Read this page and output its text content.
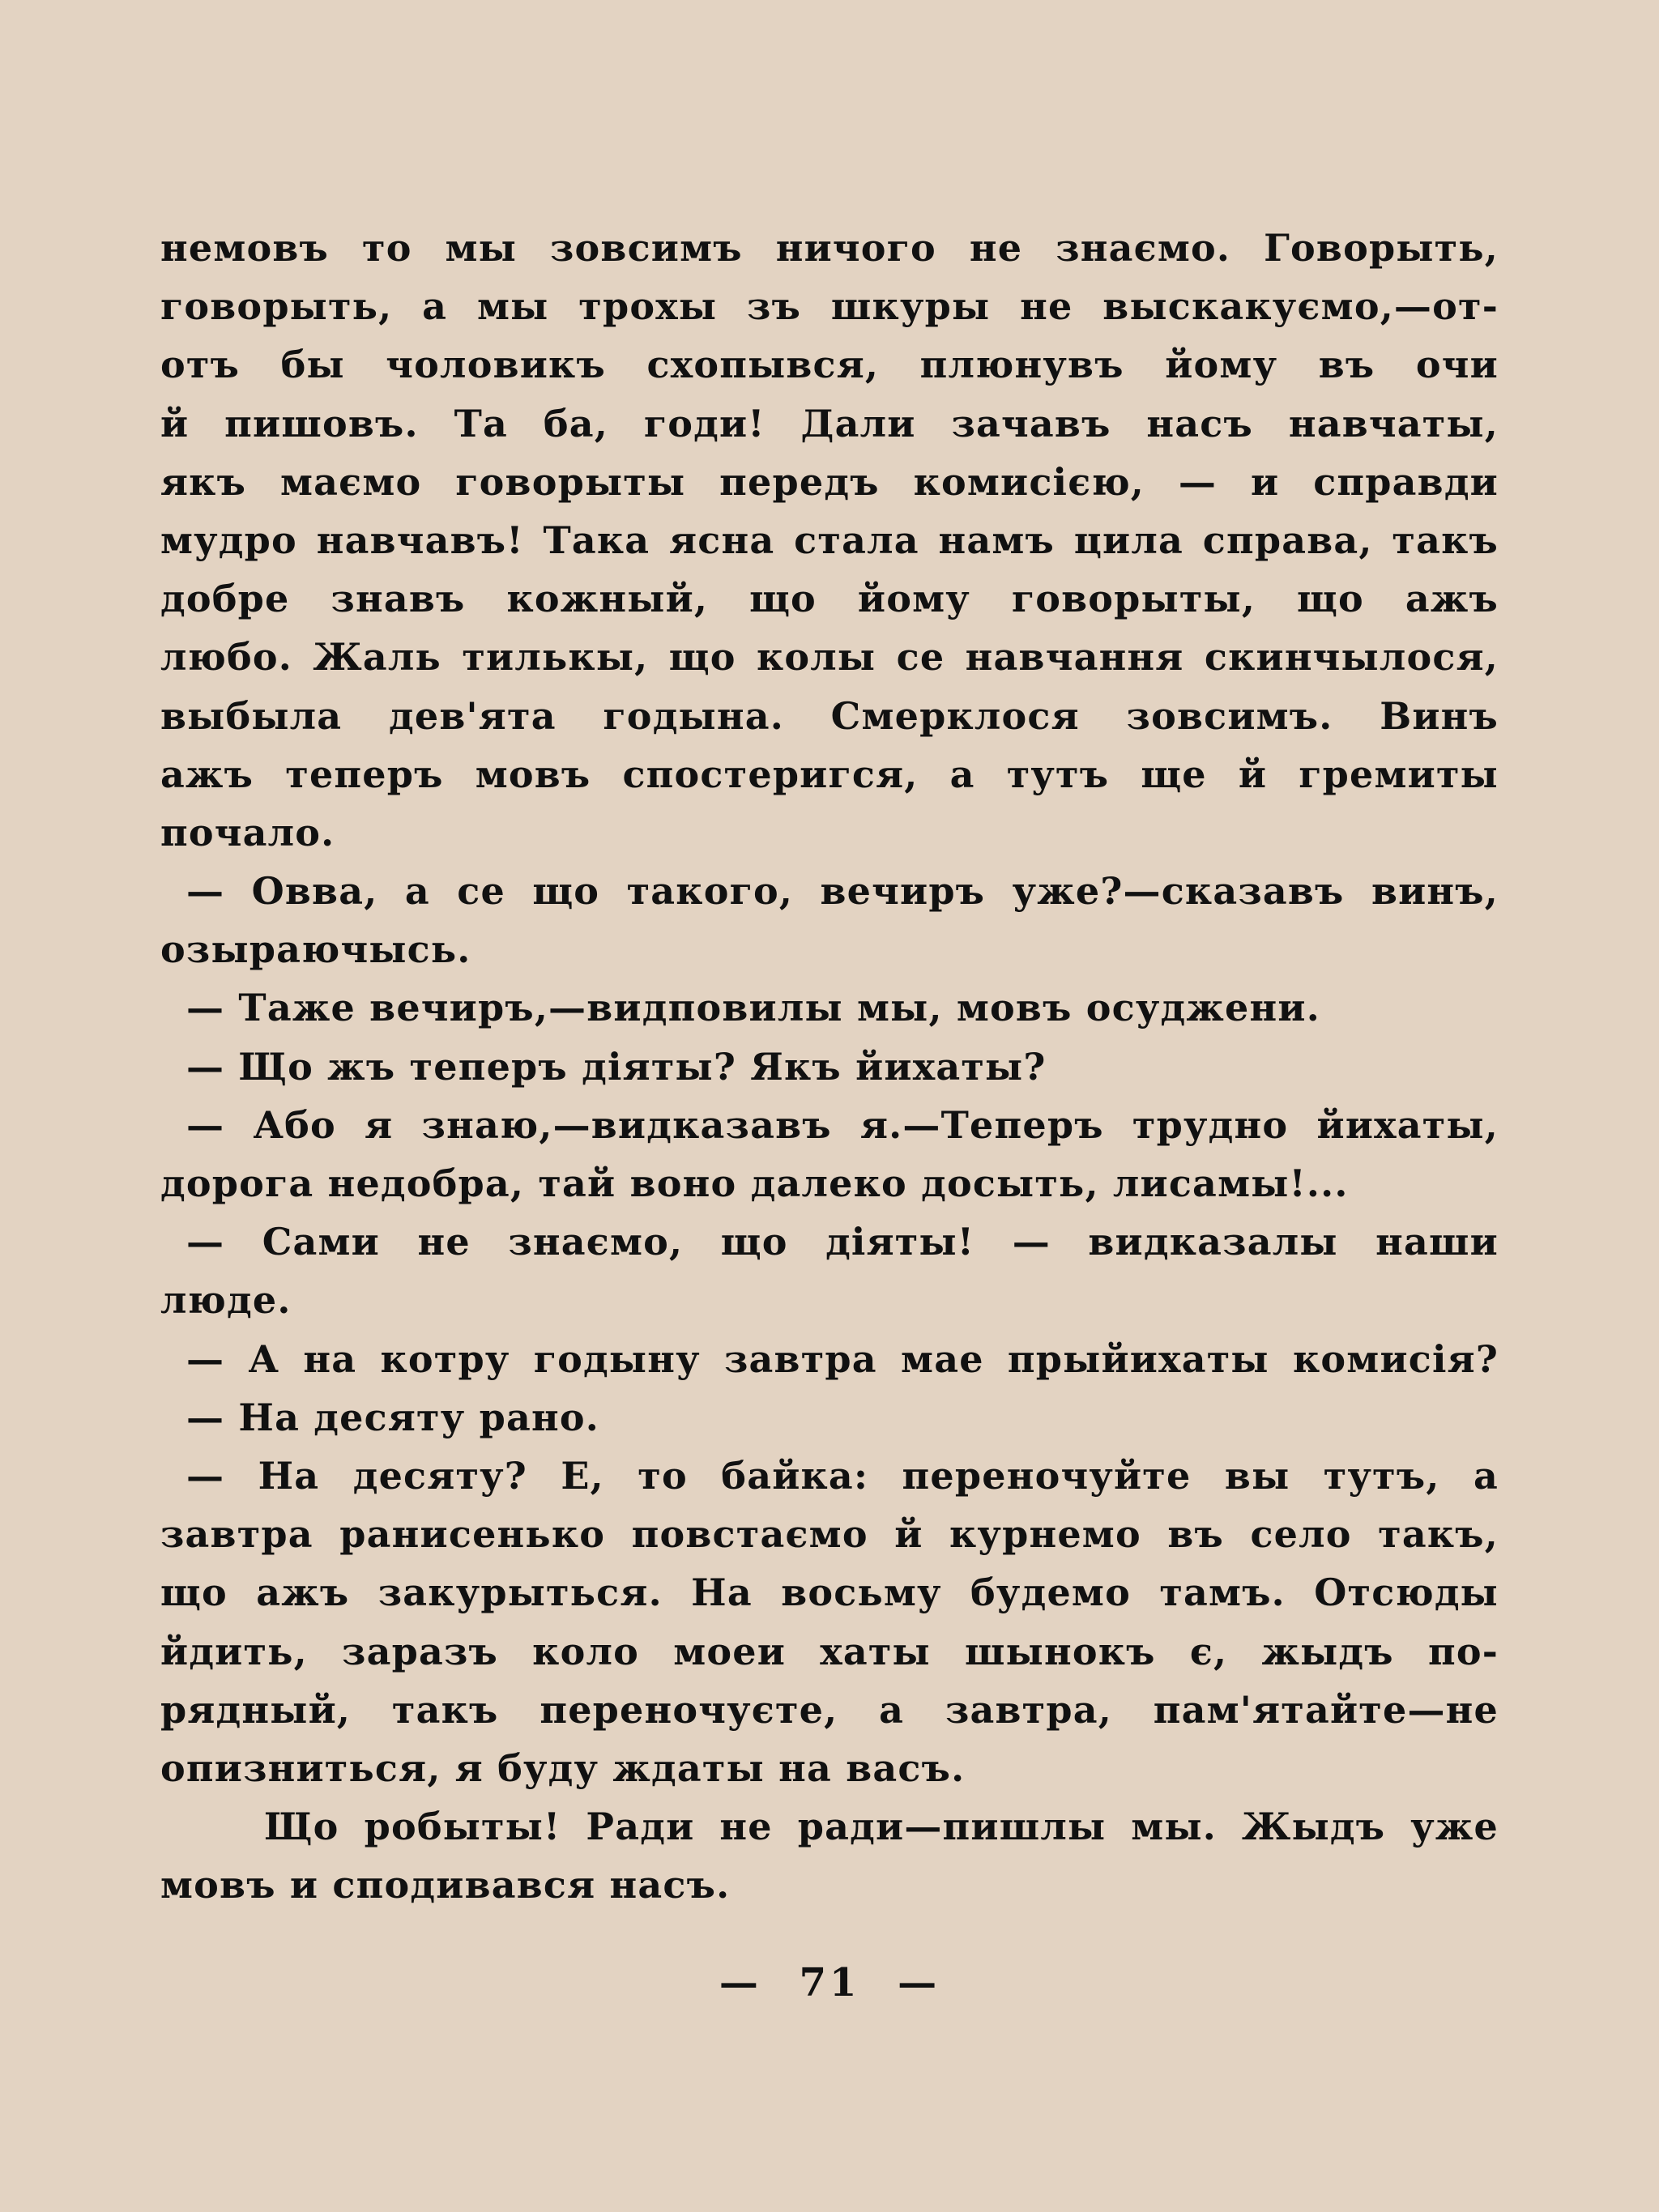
немовъ то мы зовсимъ ничого не знаємо. Говорыть,
говорыть, а мы трохы зъ шкуры не выскакуємо,—от-
отъ бы чоловикъ схопывся, плюнувъ йому въ очи
й пишовъ. Та ба, годи! Дали зачавъ насъ навчаты,
якъ маємо говорыты передъ комисією, — и справди
мудро навчавъ! Така ясна стала намъ цила справа, такъ
добре знавъ кожный, що йому говорыты, що ажъ
любо. Жаль тилькы, що колы се навчання скинчылося,
выбыла дев'ята годына. Смерклося зовсимъ. Винъ
ажъ теперъ мовъ спостеригся, а тутъ ще й гремиты
почало.
— Овва, а се що такого, вечиръ уже?—сказавъ винъ,
озыраючысь.
— Таже вечиръ,—видповилы мы, мовъ осуджени.
— Що жъ теперъ діяты? Якъ йихаты?
— Або я знаю,—видказавъ я.—Теперъ трудно йихаты,
дорога недобра, тай воно далеко досыть, лисамы!...
— Сами не знаємо, що діяты! — видказалы наши
люде.
— А на котру годыну завтра мае прыйихаты комисія?
— На десяту рано.
— На десяту? Е, то байка: переночуйте вы тутъ, а
завтра ранисенько повстаємо й курнемо въ село такъ,
що ажъ закурыться. На восьму будемо тамъ. Отсюды
йдить, заразъ коло моеи хаты шынокъ є, жыдъ по-
рядный, такъ переночуєте, а завтра, пам'ятайте—не
опизниться, я буду ждаты на васъ.
Що робыты! Ради не ради—пишлы мы. Жыдъ уже
мовъ и сподивався насъ.
— 71 —
